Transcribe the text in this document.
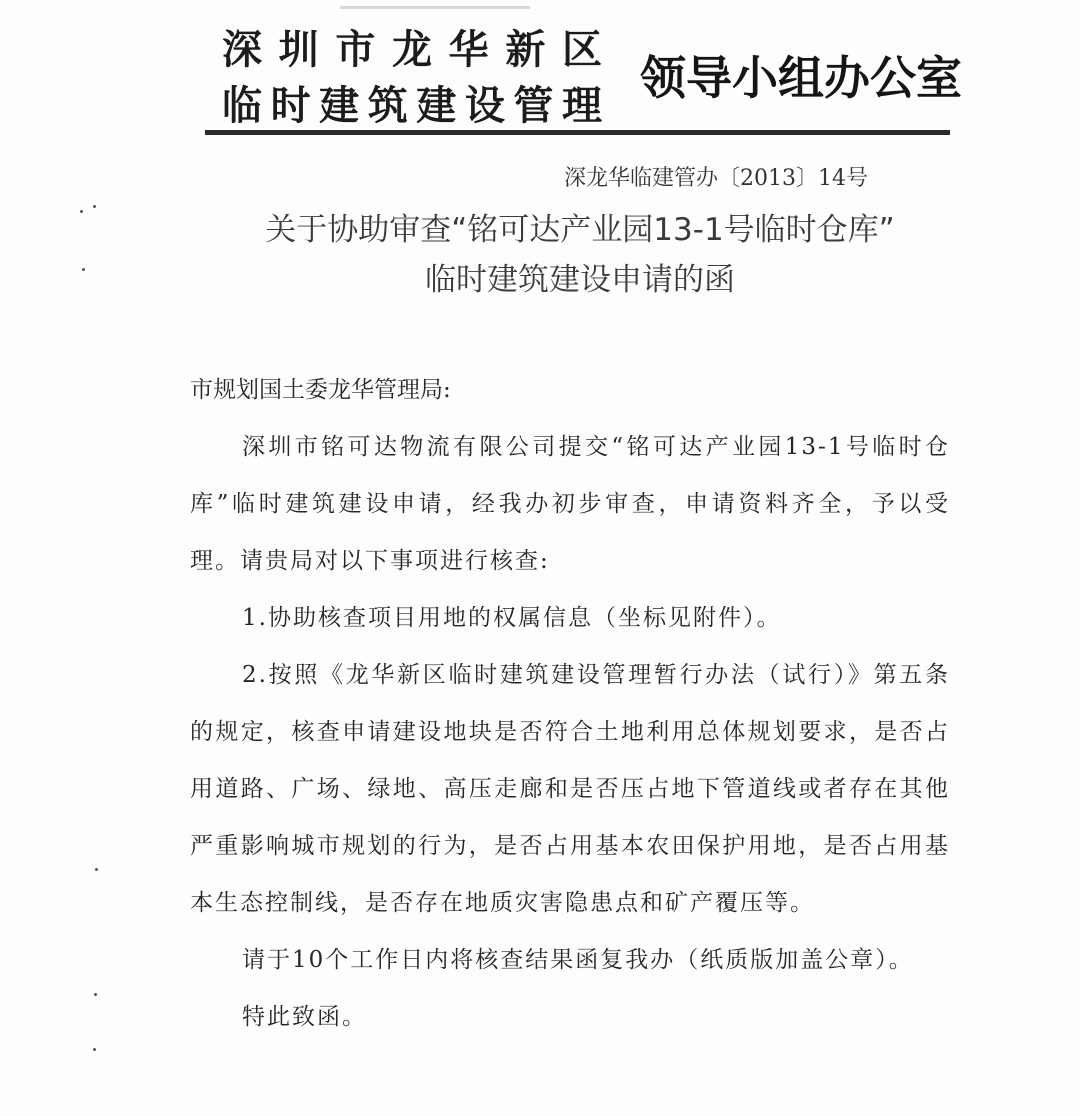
深圳市龙华新区
临时建筑建设管理
领导小组办公室
深龙华临建管办〔2013〕14号
关于协助审查“铭可达产业园13-1号临时仓库”
临时建筑建设申请的函
市规划国土委龙华管理局:
深圳市铭可达物流有限公司提交“铭可达产业园13-1号临时仓库”临时建筑建设申请，经我办初步审查，申请资料齐全，予以受理。请贵局对以下事项进行核查:
1.协助核查项目用地的权属信息（坐标见附件）。
2.按照《龙华新区临时建筑建设管理暂行办法（试行）》第五条的规定，核查申请建设地块是否符合土地利用总体规划要求，是否占用道路、广场、绿地、高压走廊和是否压占地下管道线或者存在其他严重影响城市规划的行为，是否占用基本农田保护用地，是否占用基本生态控制线，是否存在地质灾害隐患点和矿产覆压等。
请于10个工作日内将核查结果函复我办（纸质版加盖公章）。
特此致函。
